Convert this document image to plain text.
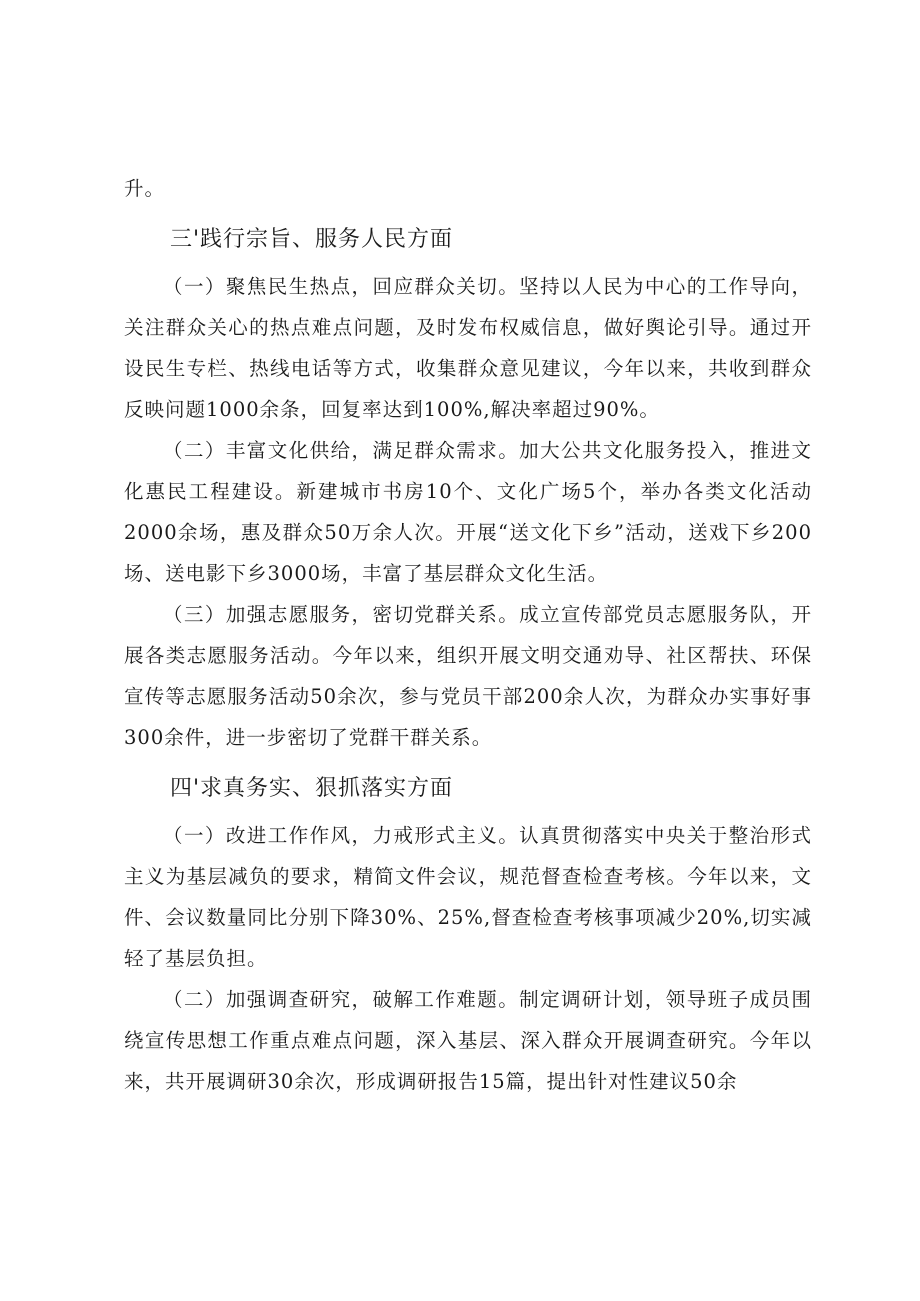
升。

三'践行宗旨、服务人民方面

（一）聚焦民生热点，回应群众关切。坚持以人民为中心的工作导向，关注群众关心的热点难点问题，及时发布权威信息，做好舆论引导。通过开设民生专栏、热线电话等方式，收集群众意见建议，今年以来，共收到群众反映问题1000余条，回复率达到100%,解决率超过90%。

（二）丰富文化供给，满足群众需求。加大公共文化服务投入，推进文化惠民工程建设。新建城市书房10个、文化广场5个，举办各类文化活动2000余场，惠及群众50万余人次。开展“送文化下乡”活动，送戏下乡200场、送电影下乡3000场，丰富了基层群众文化生活。

（三）加强志愿服务，密切党群关系。成立宣传部党员志愿服务队，开展各类志愿服务活动。今年以来，组织开展文明交通劝导、社区帮扶、环保宣传等志愿服务活动50余次，参与党员干部200余人次，为群众办实事好事300余件，进一步密切了党群干群关系。

四'求真务实、狠抓落实方面

（一）改进工作作风，力戒形式主义。认真贯彻落实中央关于整治形式主义为基层减负的要求，精简文件会议，规范督查检查考核。今年以来，文件、会议数量同比分别下降30%、25%,督查检查考核事项减少20%,切实减轻了基层负担。

（二）加强调查研究，破解工作难题。制定调研计划，领导班子成员围绕宣传思想工作重点难点问题，深入基层、深入群众开展调查研究。今年以来，共开展调研30余次，形成调研报告15篇，提出针对性建议50余
